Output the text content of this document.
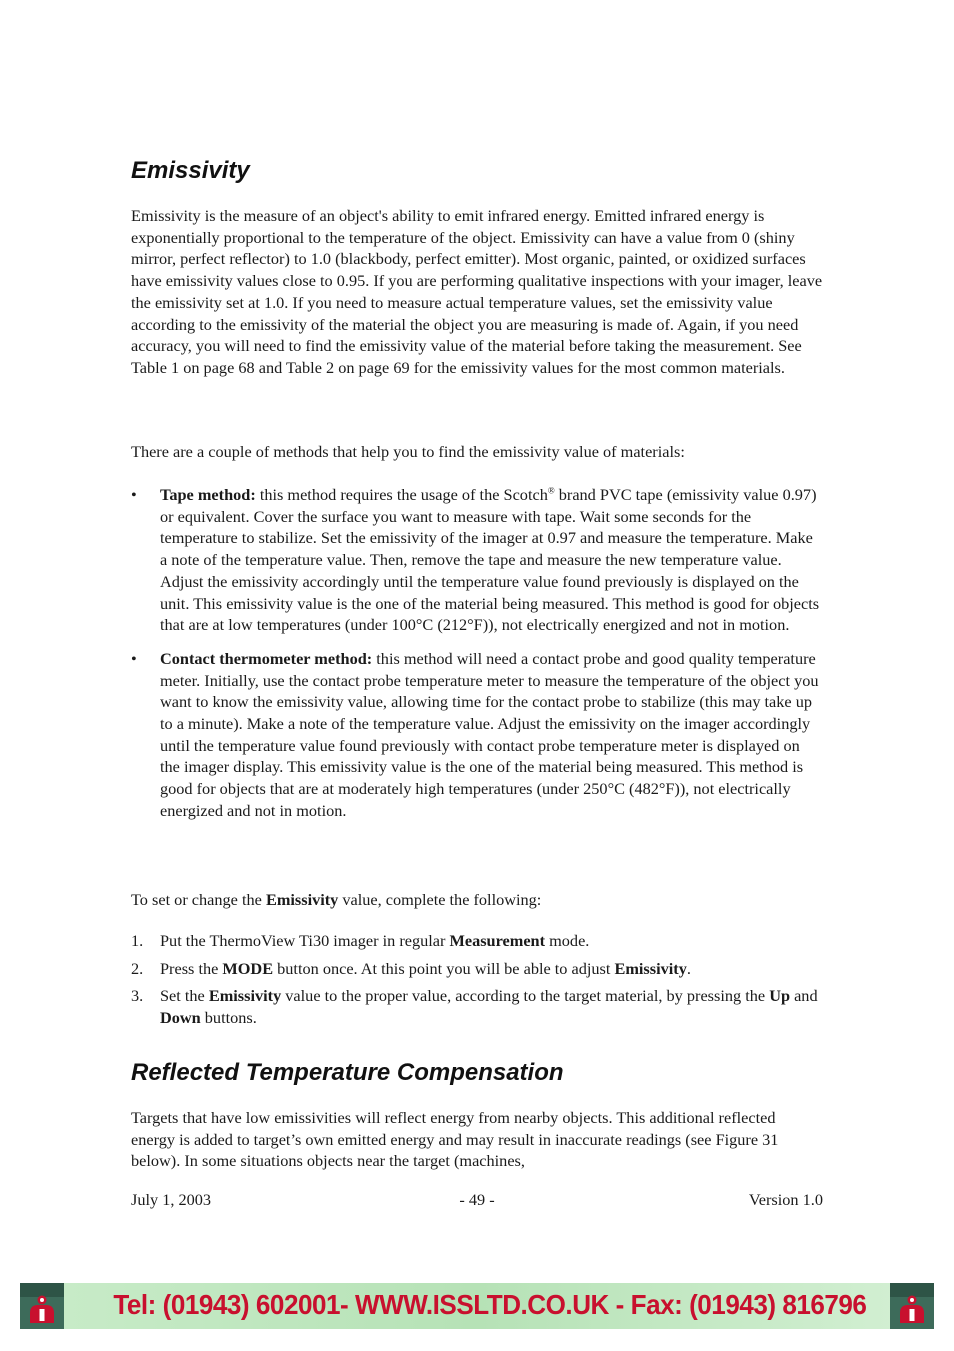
Emissivity

Emissivity is the measure of an object's ability to emit infrared energy. Emitted infrared energy is exponentially proportional to the temperature of the object. Emissivity can have a value from 0 (shiny mirror, perfect reflector) to 1.0 (blackbody, perfect emitter). Most organic, painted, or oxidized surfaces have emissivity values close to 0.95. If you are performing qualitative inspections with your imager, leave the emissivity set at 1.0. If you need to measure actual temperature values, set the emissivity value according to the emissivity of the material the object you are measuring is made of. Again, if you need accuracy, you will need to find the emissivity value of the material before taking the measurement. See Table 1 on page 68 and Table 2 on page 69 for the emissivity values for the most common materials.

There are a couple of methods that help you to find the emissivity value of materials:

• Tape method: this method requires the usage of the Scotch® brand PVC tape (emissivity value 0.97) or equivalent. Cover the surface you want to measure with tape. Wait some seconds for the temperature to stabilize. Set the emissivity of the imager at 0.97 and measure the temperature. Make a note of the temperature value. Then, remove the tape and measure the new temperature value. Adjust the emissivity accordingly until the temperature value found previously is displayed on the unit. This emissivity value is the one of the material being measured. This method is good for objects that are at low temperatures (under 100°C (212°F)), not electrically energized and not in motion.
• Contact thermometer method: this method will need a contact probe and good quality temperature meter. Initially, use the contact probe temperature meter to measure the temperature of the object you want to know the emissivity value, allowing time for the contact probe to stabilize (this may take up to a minute). Make a note of the temperature value. Adjust the emissivity on the imager accordingly until the temperature value found previously with contact probe temperature meter is displayed on the imager display. This emissivity value is the one of the material being measured. This method is good for objects that are at moderately high temperatures (under 250°C (482°F)), not electrically energized and not in motion.

To set or change the Emissivity value, complete the following:

1. Put the ThermoView Ti30 imager in regular Measurement mode.
2. Press the MODE button once. At this point you will be able to adjust Emissivity.
3. Set the Emissivity value to the proper value, according to the target material, by pressing the Up and Down buttons.
Reflected Temperature Compensation

Targets that have low emissivities will reflect energy from nearby objects. This additional reflected energy is added to target’s own emitted energy and may result in inaccurate readings (see Figure 31 below). In some situations objects near the target (machines,

July 1, 2003	- 49 -	Version 1.0
Tel: (01943) 602001- WWW.ISSLTD.CO.UK - Fax: (01943) 816796
